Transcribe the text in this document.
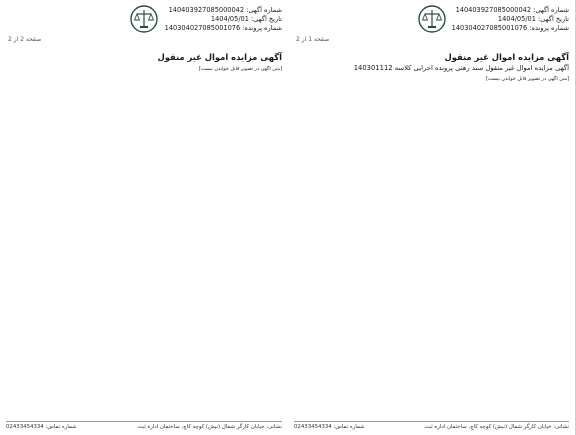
شماره آگهی: 140403927085000042
تاریخ آگهی: 1404/05/01
شماره پرونده: 140304027085001076
صفحه 2 از 2
آگهی مزایده اموال غیر منقول
[متن آگهی در تصویر قابل خواندن نیست]
نشانی: خیابان کارگر شمال (نبش) کوچه کاچ، ساختمان اداره ثبت
شماره تماس: 02433454334
شماره آگهی: 140403927085000042
تاریخ آگهی: 1404/05/01
شماره پرونده: 140304027085001076
صفحه 1 از 2
آگهی مزایده اموال غیر منقول
آگهی مزایده اموال غیر منقول سند رهنی پرونده اجرایی کلاسه 140301112
[متن آگهی در تصویر قابل خواندن نیست]
نشانی: خیابان کارگر شمال (نبش) کوچه کاچ، ساختمان اداره ثبت
شماره تماس: 02433454334
